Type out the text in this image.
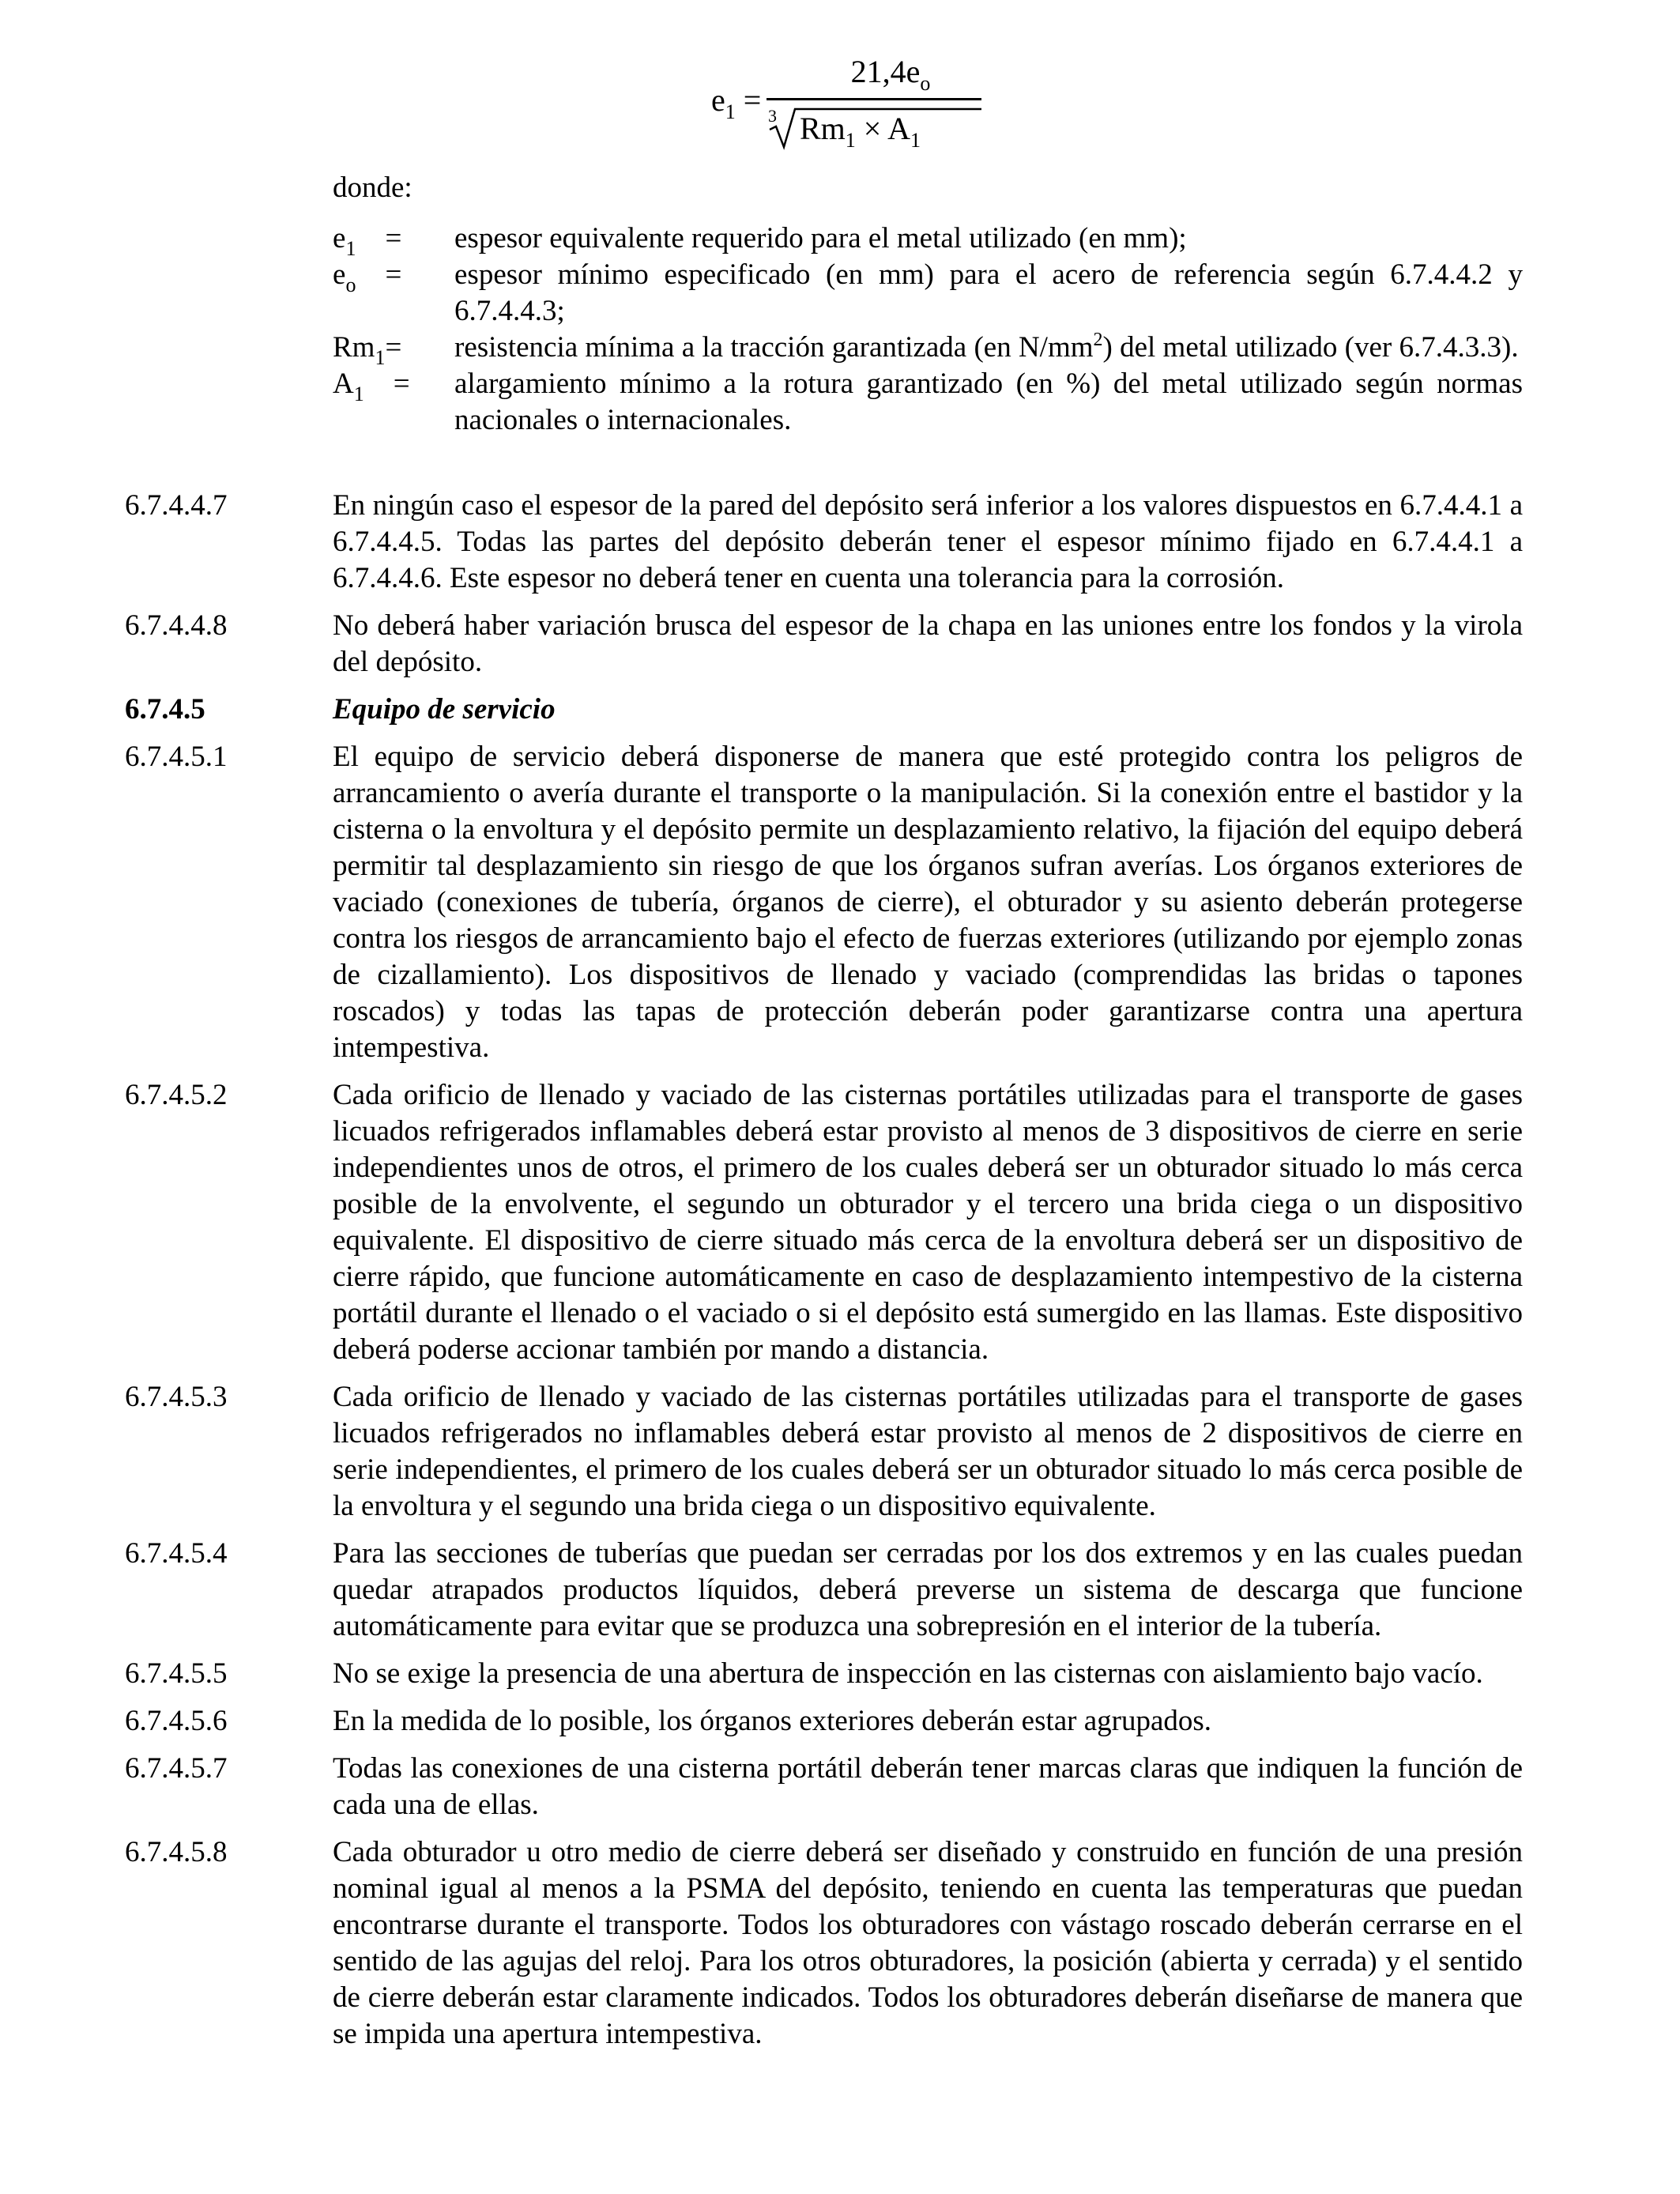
$e_1$ =
$21,4e_o$
3 $Rm_1 \times A_1$
donde:
$e_1$ =	espesor equivalente requerido para el metal utilizado (en mm);
$e_o$ =	espesor mínimo especificado (en mm) para el acero de referencia según 6.7.4.4.2 y 6.7.4.4.3;
$Rm_1=$	resistencia mínima a la tracción garantizada (en $N/mm^2$) del metal utilizado (ver 6.7.4.3.3).
$A_1$ =	alargamiento mínimo a la rotura garantizado (en %) del metal utilizado según normas nacionales o internacionales.
6.7.4.4.7	En ningún caso el espesor de la pared del depósito será inferior a los valores dispuestos en 6.7.4.4.1 a 6.7.4.4.5. Todas las partes del depósito deberán tener el espesor mínimo fijado en 6.7.4.4.1 a 6.7.4.4.6. Este espesor no deberá tener en cuenta una tolerancia para la corrosión.
6.7.4.4.8	No deberá haber variación brusca del espesor de la chapa en las uniones entre los fondos y la virola del depósito.
6.7.4.5	Equipo de servicio
6.7.4.5.1	El equipo de servicio deberá disponerse de manera que esté protegido contra los peligros de arrancamiento o avería durante el transporte o la manipulación. Si la conexión entre el bastidor y la cisterna o la envoltura y el depósito permite un desplazamiento relativo, la fijación del equipo deberá permitir tal desplazamiento sin riesgo de que los órganos sufran averías. Los órganos exteriores de vaciado (conexiones de tubería, órganos de cierre), el obturador y su asiento deberán protegerse contra los riesgos de arrancamiento bajo el efecto de fuerzas exteriores (utilizando por ejemplo zonas de cizallamiento). Los dispositivos de llenado y vaciado (comprendidas las bridas o tapones roscados) y todas las tapas de protección deberán poder garantizarse contra una apertura intempestiva.
6.7.4.5.2	Cada orificio de llenado y vaciado de las cisternas portátiles utilizadas para el transporte de gases licuados refrigerados inflamables deberá estar provisto al menos de 3 dispositivos de cierre en serie independientes unos de otros, el primero de los cuales deberá ser un obturador situado lo más cerca posible de la envolvente, el segundo un obturador y el tercero una brida ciega o un dispositivo equivalente. El dispositivo de cierre situado más cerca de la envoltura deberá ser un dispositivo de cierre rápido, que funcione automáticamente en caso de desplazamiento intempestivo de la cisterna portátil durante el llenado o el vaciado o si el depósito está sumergido en las llamas. Este dispositivo deberá poderse accionar también por mando a distancia.
6.7.4.5.3	Cada orificio de llenado y vaciado de las cisternas portátiles utilizadas para el transporte de gases licuados refrigerados no inflamables deberá estar provisto al menos de 2 dispositivos de cierre en serie independientes, el primero de los cuales deberá ser un obturador situado lo más cerca posible de la envoltura y el segundo una brida ciega o un dispositivo equivalente.
6.7.4.5.4	Para las secciones de tuberías que puedan ser cerradas por los dos extremos y en las cuales puedan quedar atrapados productos líquidos, deberá preverse un sistema de descarga que funcione automáticamente para evitar que se produzca una sobrepresión en el interior de la tubería.
6.7.4.5.5	No se exige la presencia de una abertura de inspección en las cisternas con aislamiento bajo vacío.
6.7.4.5.6	En la medida de lo posible, los órganos exteriores deberán estar agrupados.
6.7.4.5.7	Todas las conexiones de una cisterna portátil deberán tener marcas claras que indiquen la función de cada una de ellas.
6.7.4.5.8	Cada obturador u otro medio de cierre deberá ser diseñado y construido en función de una presión nominal igual al menos a la PSMA del depósito, teniendo en cuenta las temperaturas que puedan encontrarse durante el transporte. Todos los obturadores con vástago roscado deberán cerrarse en el sentido de las agujas del reloj. Para los otros obturadores, la posición (abierta y cerrada) y el sentido de cierre deberán estar claramente indicados. Todos los obturadores deberán diseñarse de manera que se impida una apertura intempestiva.
